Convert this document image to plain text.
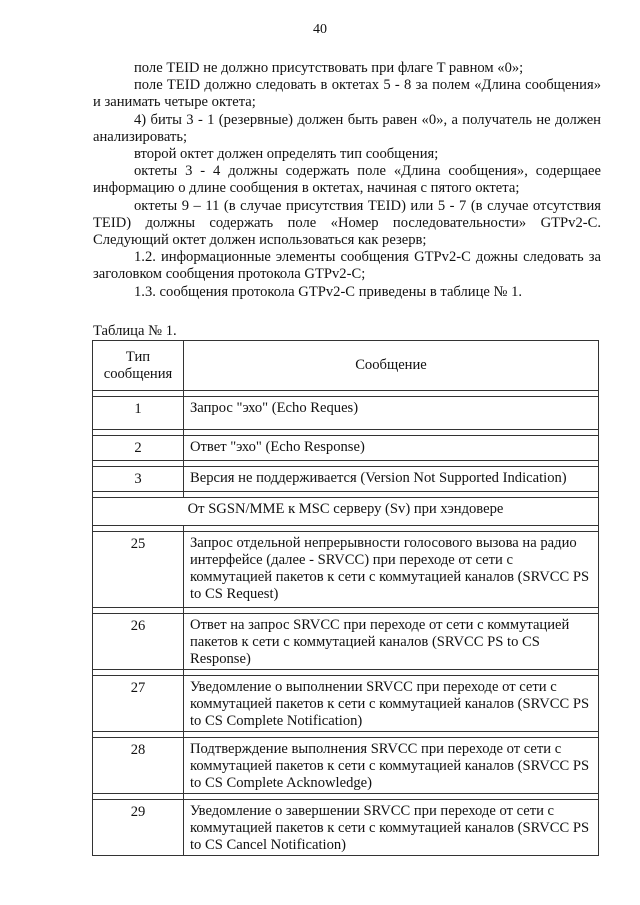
40

поле TEID не должно присутствовать при флаге T равном «0»;

поле TEID должно следовать в октетах 5 - 8 за полем «Длина сообщения» и занимать четыре октета;

4) биты 3 - 1 (резервные) должен быть равен «0», а получатель не должен анализировать;

второй октет должен определять тип сообщения;

октеты 3 - 4 должны содержать поле «Длина сообщения», содерщаее информацию о длине сообщения в октетах, начиная с пятого октета;

октеты 9 – 11 (в случае присутствия TEID) или 5 - 7 (в случае отсутствия TEID) должны содержать поле «Номер последовательности» GTPv2-C. Следующий октет должен использоваться как резерв;

1.2. информационные элементы сообщения GTPv2-C дожны следовать за заголовком сообщения протокола GTPv2-C;

1.3. сообщения протокола GTPv2-C приведены в таблице № 1.

Таблица № 1.
Тип сообщения	Сообщение

1	Запрос "эхо" (Echo Reques)

2	Ответ "эхо" (Echo Response)

3	Версия не поддерживается (Version Not Supported Indication)

От SGSN/MME к MSC серверу (Sv) при хэндовере	

25	Запрос отдельной непрерывности голосового вызова на радио интерфейсе (далее - SRVCC) при переходе от сети с коммутацией пакетов к сети с коммутацией каналов (SRVCC PS to CS Request)

26	Ответ на запрос SRVCC при переходе от сети с коммутацией пакетов к сети с коммутацией каналов (SRVCC PS to CS Response)

27	Уведомление о выполнении SRVCC при переходе от сети с коммутацией пакетов к сети с коммутацией каналов (SRVCC PS to CS Complete Notification)

28	Подтверждение выполнения SRVCC при переходе от сети с коммутацией пакетов к сети с коммутацией каналов (SRVCC PS to CS Complete Acknowledge)

29	Уведомление о завершении SRVCC при переходе от сети с коммутацией пакетов к сети с коммутацией каналов (SRVCC PS to CS Cancel Notification)
